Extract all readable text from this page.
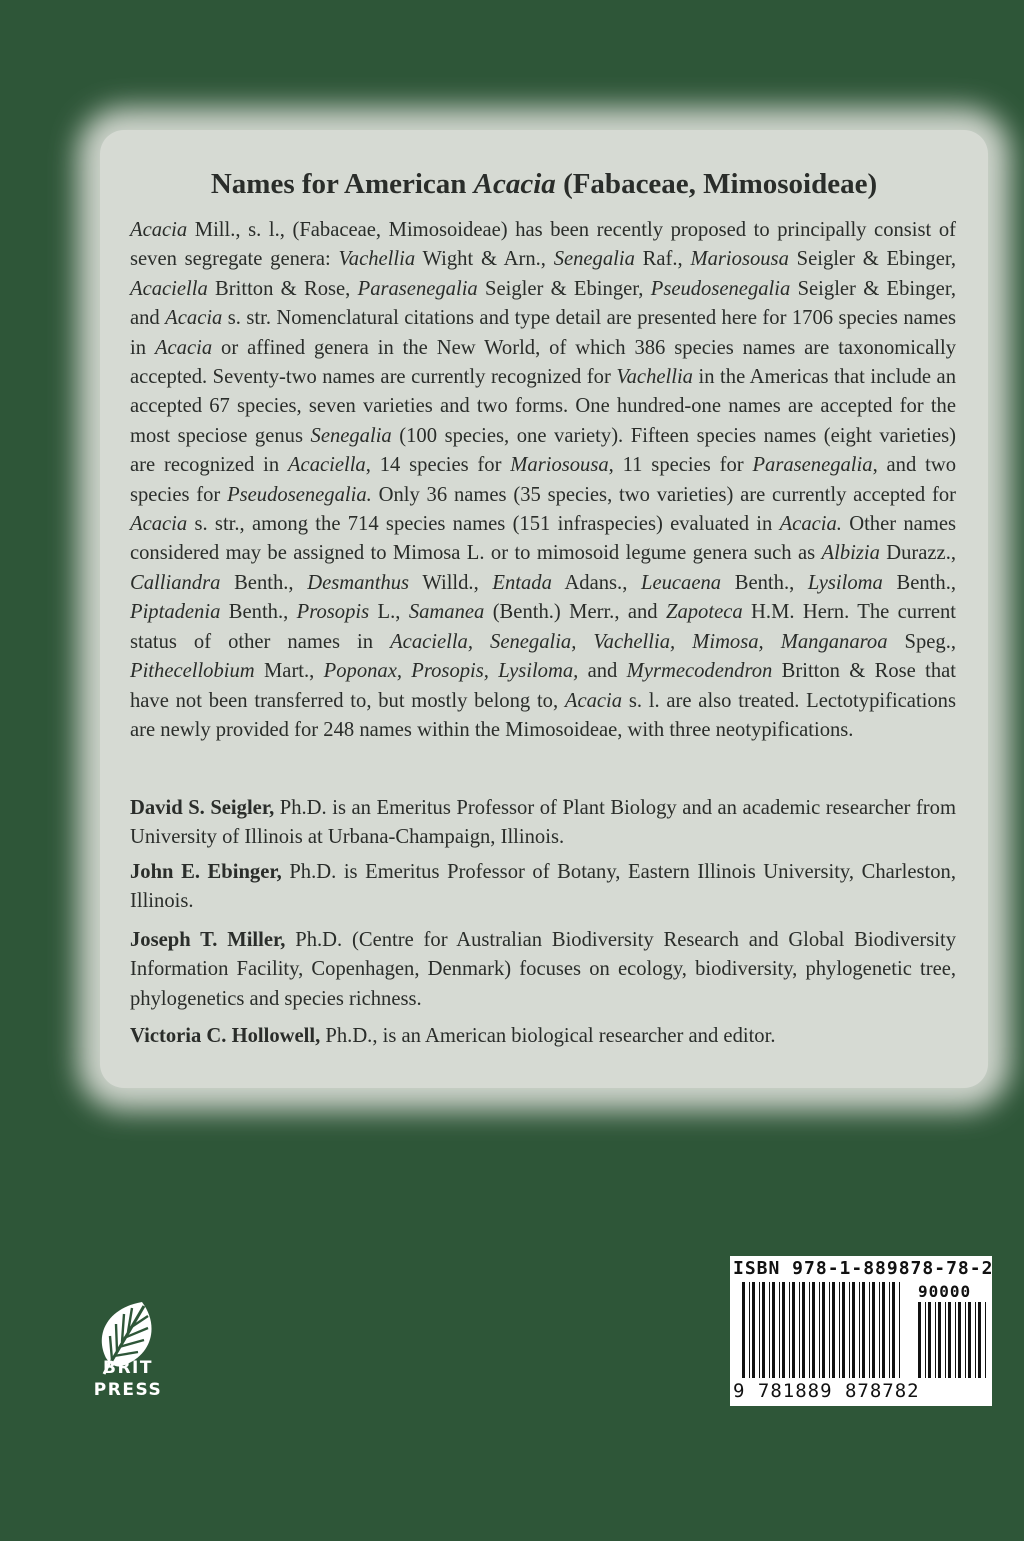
Names for American Acacia (Fabaceae, Mimosoideae)

Acacia Mill., s. l., (Fabaceae, Mimosoideae) has been recently proposed to principally consist of seven segregate genera: Vachellia Wight & Arn., Senegalia Raf., Mariosousa Seigler & Ebinger, Acaciella Britton & Rose, Parasenegalia Seigler & Ebinger, Pseudosenegalia Seigler & Ebinger, and Acacia s. str. Nomenclatural citations and type detail are presented here for 1706 species names in Acacia or affined genera in the New World, of which 386 species names are taxonomically accepted. Seventy-two names are currently recognized for Vachellia in the Americas that include an accepted 67 species, seven varieties and two forms. One hundred-one names are accepted for the most speciose genus Senegalia (100 species, one variety). Fifteen species names (eight varieties) are recognized in Acaciella, 14 species for Mariosousa, 11 species for Parasenegalia, and two species for Pseudosenegalia. Only 36 names (35 species, two varieties) are currently accepted for Acacia s. str., among the 714 species names (151 infraspecies) evaluated in Acacia. Other names considered may be assigned to Mimosa L. or to mimosoid legume genera such as Albizia Durazz., Calliandra Benth., Desmanthus Willd., Entada Adans., Leucaena Benth., Lysiloma Benth., Piptadenia Benth., Prosopis L., Samanea (Benth.) Merr., and Zapoteca H.M. Hern. The current status of other names in Acaciella, Senegalia, Vachellia, Mimosa, Manganaroa Speg., Pithecellobium Mart., Poponax, Prosopis, Lysiloma, and Myrmecodendron Britton & Rose that have not been transferred to, but mostly belong to, Acacia s. l. are also treated. Lectotypifications are newly provided for 248 names within the Mimosoideae, with three neotypifications.

David S. Seigler, Ph.D. is an Emeritus Professor of Plant Biology and an academic researcher from University of Illinois at Urbana-Champaign, Illinois.

John E. Ebinger, Ph.D. is Emeritus Professor of Botany, Eastern Illinois University, Charleston, Illinois.

Joseph T. Miller, Ph.D. (Centre for Australian Biodiversity Research and Global Biodiversity Information Facility, Copenhagen, Denmark) focuses on ecology, biodiversity, phylogenetic tree, phylogenetics and species richness.

Victoria C. Hollowell, Ph.D., is an American biological researcher and editor.

BRIT
PRESS
ISBN 978-1-889878-78-2
90000
9 781889 878782
